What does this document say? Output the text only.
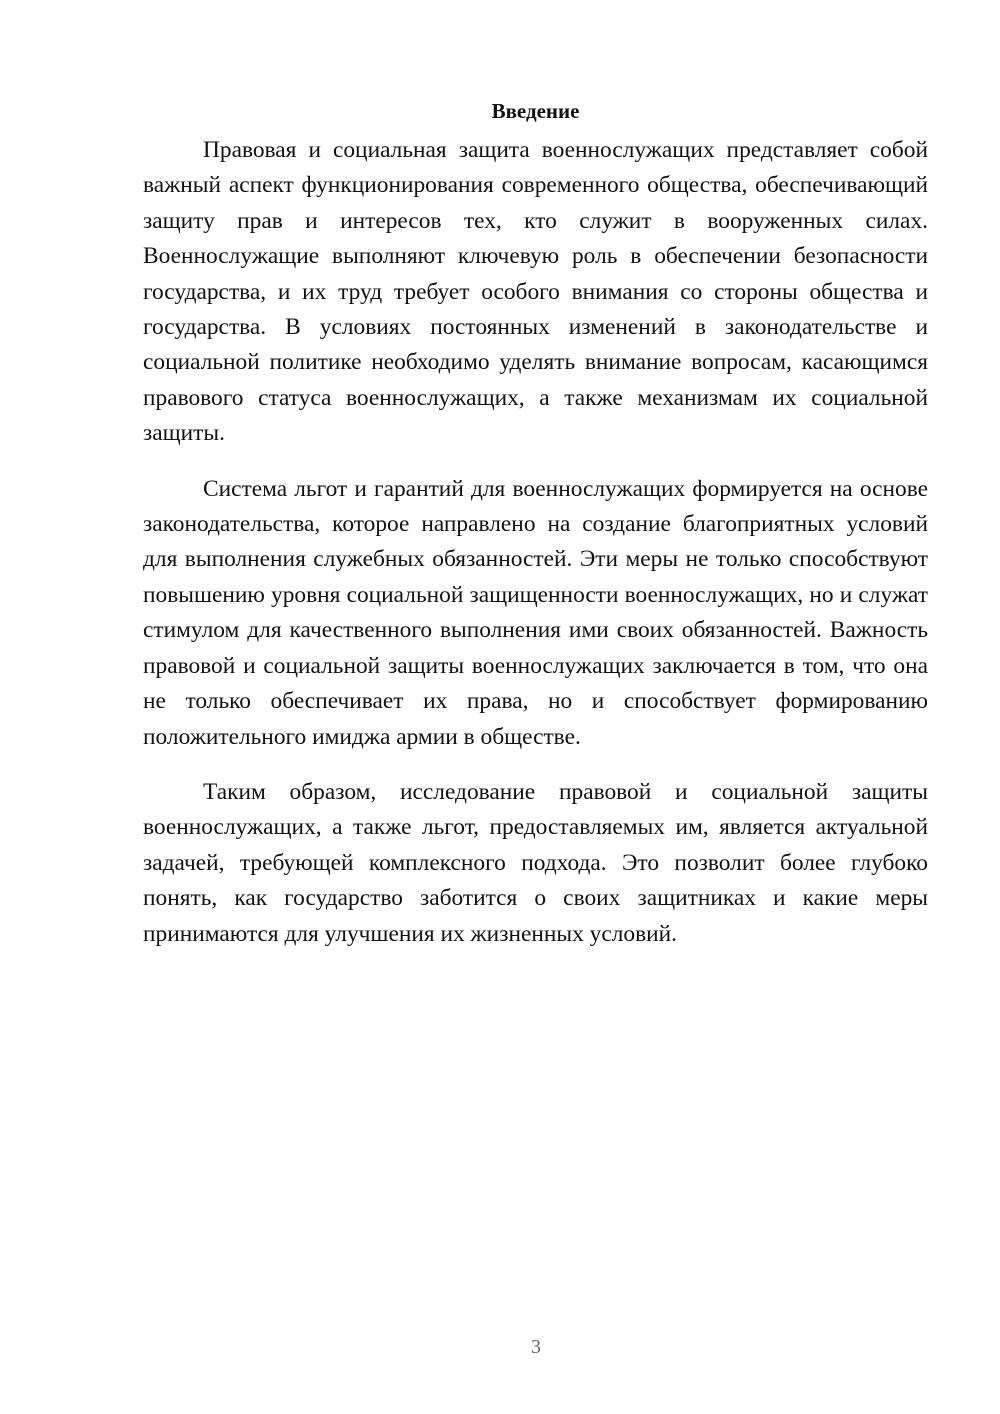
Введение

Правовая и социальная защита военнослужащих представляет собой важный аспект функционирования современного общества, обеспечивающий защиту прав и интересов тех, кто служит в вооруженных силах. Военнослужащие выполняют ключевую роль в обеспечении безопасности государства, и их труд требует особого внимания со стороны общества и государства. В условиях постоянных изменений в законодательстве и социальной политике необходимо уделять внимание вопросам, касающимся правового статуса военнослужащих, а также механизмам их социальной защиты.

Система льгот и гарантий для военнослужащих формируется на основе законодательства, которое направлено на создание благоприятных условий для выполнения служебных обязанностей. Эти меры не только способствуют повышению уровня социальной защищенности военнослужащих, но и служат стимулом для качественного выполнения ими своих обязанностей. Важность правовой и социальной защиты военнослужащих заключается в том, что она не только обеспечивает их права, но и способствует формированию положительного имиджа армии в обществе.

Таким образом, исследование правовой и социальной защиты военнослужащих, а также льгот, предоставляемых им, является актуальной задачей, требующей комплексного подхода. Это позволит более глубоко понять, как государство заботится о своих защитниках и какие меры принимаются для улучшения их жизненных условий.

3
